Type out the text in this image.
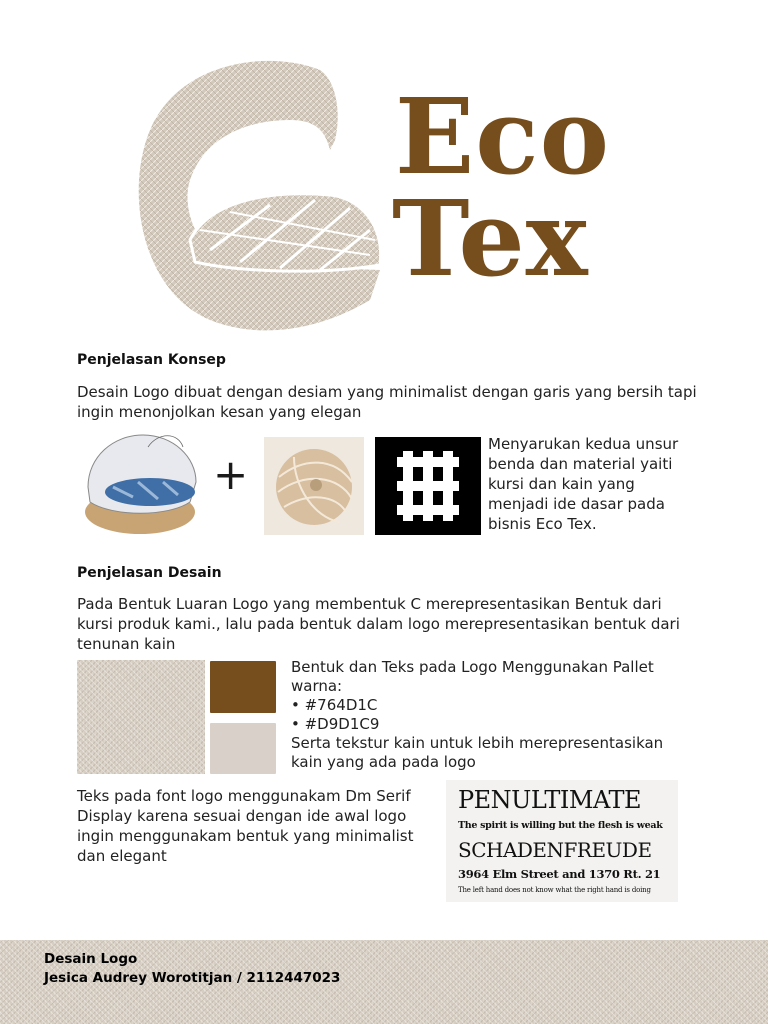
Eco
Tex
Penjelasan Konsep
Desain Logo dibuat dengan desiam yang minimalist dengan garis yang bersih tapi ingin menonjolkan kesan yang elegan
+
Menyarukan kedua unsur benda dan material yaiti kursi dan kain yang menjadi ide dasar pada bisnis Eco Tex.
Penjelasan Desain
Pada Bentuk Luaran Logo yang membentuk C merepresentasikan Bentuk dari kursi produk kami., lalu pada bentuk dalam logo merepresentasikan bentuk dari tenunan kain
Bentuk dan Teks pada Logo Menggunakan Pallet warna:
• #764D1C
• #D9D1C9
Serta tekstur kain untuk lebih merepresentasikan kain yang ada pada logo
Teks pada font logo menggunakam Dm Serif Display karena sesuai dengan ide awal logo ingin menggunakam bentuk yang minimalist dan elegant
PENULTIMATE
The spirit is willing but the flesh is weak
SCHADENFREUDE
3964 Elm Street and 1370 Rt. 21
The left hand does not know what the right hand is doing
Desain Logo
Jesica Audrey Worotitjan / 2112447023
